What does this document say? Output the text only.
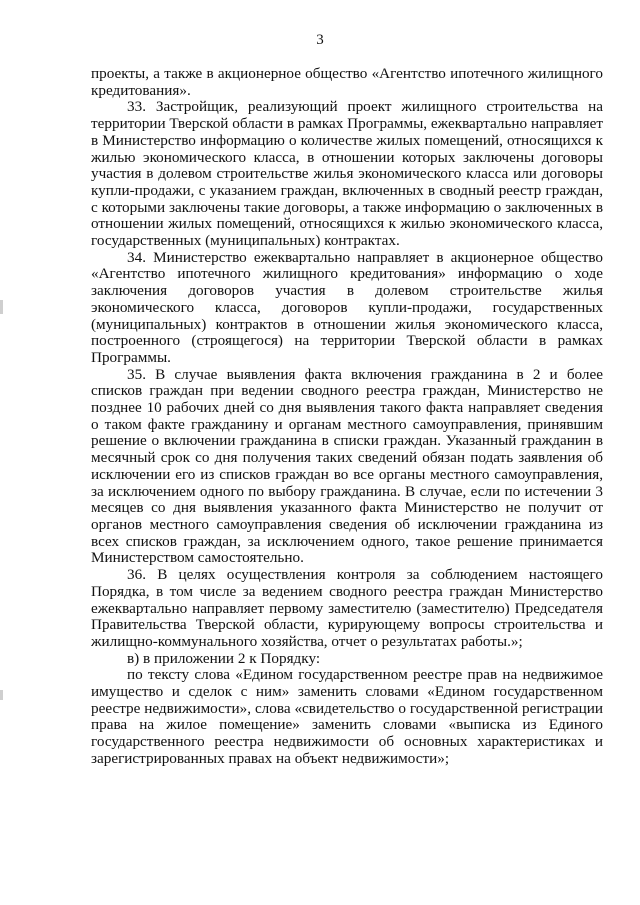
3

проекты, а также в акционерное общество «Агентство ипотечного жилищного кредитования».

33. Застройщик, реализующий проект жилищного строительства на территории Тверской области в рамках Программы, ежеквартально направляет в Министерство информацию о количестве жилых помещений, относящихся к жилью экономического класса, в отношении которых заключены договоры участия в долевом строительстве жилья экономического класса или договоры купли-продажи, с указанием граждан, включенных в сводный реестр граждан, с которыми заключены такие договоры, а также информацию о заключенных в отношении жилых помещений, относящихся к жилью экономического класса, государственных (муниципальных) контрактах.

34. Министерство ежеквартально направляет в акционерное общество «Агентство ипотечного жилищного кредитования» информацию о ходе заключения договоров участия в долевом строительстве жилья экономического класса, договоров купли-продажи, государственных (муниципальных) контрактов в отношении жилья экономического класса, построенного (строящегося) на территории Тверской области в рамках Программы.

35. В случае выявления факта включения гражданина в 2 и более списков граждан при ведении сводного реестра граждан, Министерство не позднее 10 рабочих дней со дня выявления такого факта направляет сведения о таком факте гражданину и органам местного самоуправления, принявшим решение о включении гражданина в списки граждан. Указанный гражданин в месячный срок со дня получения таких сведений обязан подать заявления об исключении его из списков граждан во все органы местного самоуправления, за исключением одного по выбору гражданина. В случае, если по истечении 3 месяцев со дня выявления указанного факта Министерство не получит от органов местного самоуправления сведения об исключении гражданина из всех списков граждан, за исключением одного, такое решение принимается Министерством самостоятельно.

36. В целях осуществления контроля за соблюдением настоящего Порядка, в том числе за ведением сводного реестра граждан Министерство ежеквартально направляет первому заместителю (заместителю) Председателя Правительства Тверской области, курирующему вопросы строительства и жилищно-коммунального хозяйства, отчет о результатах работы.»;

в) в приложении 2 к Порядку:

по тексту слова «Едином государственном реестре прав на недвижимое имущество и сделок с ним» заменить словами «Едином государственном реестре недвижимости», слова «свидетельство о государственной регистрации права на жилое помещение» заменить словами «выписка из Единого государственного реестра недвижимости об основных характеристиках и зарегистрированных правах на объект недвижимости»;
